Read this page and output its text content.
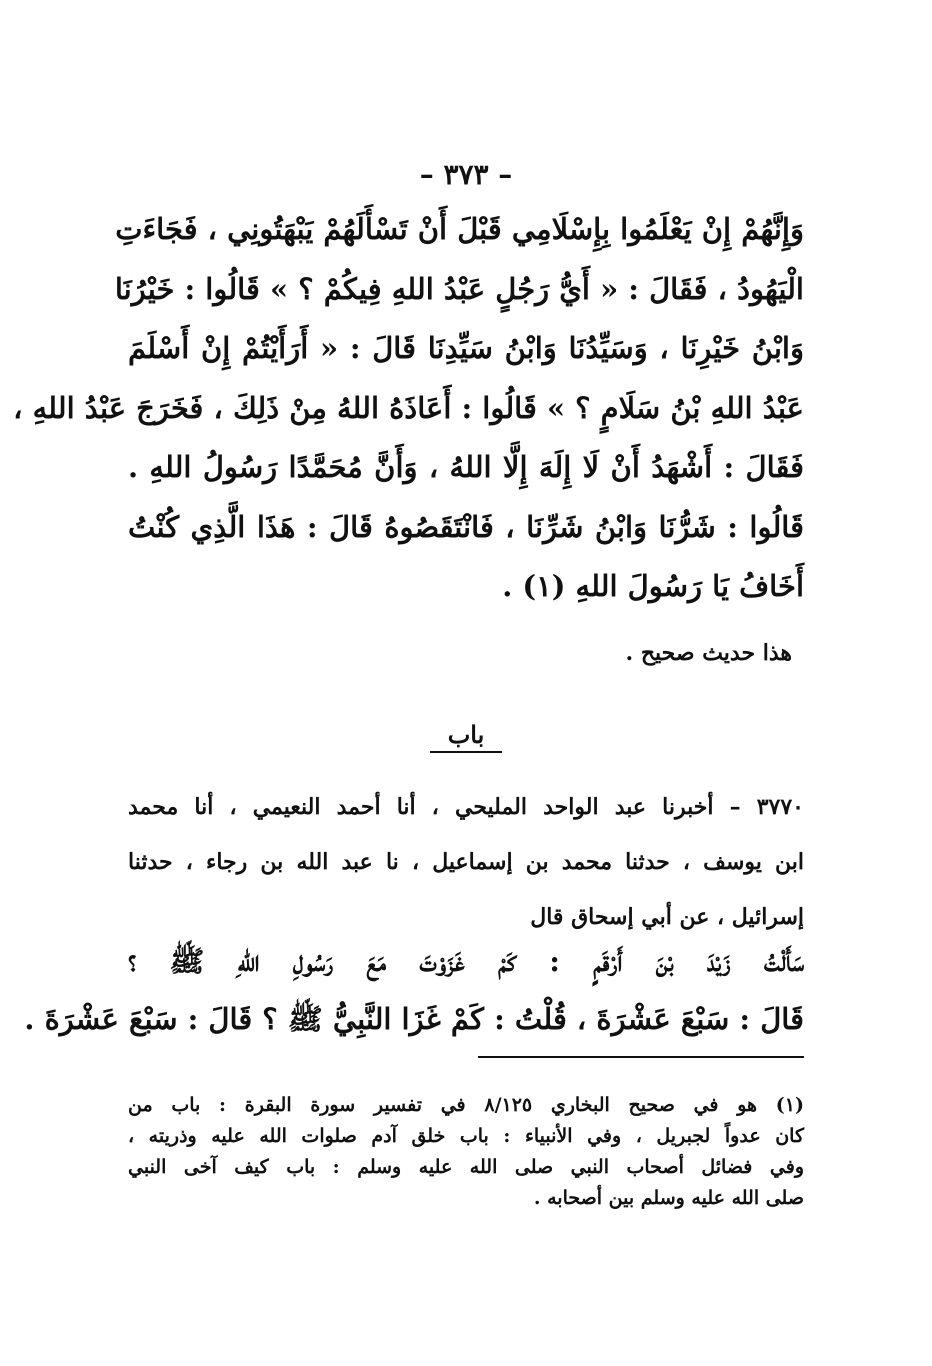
– ٣٧٣ –
وَإِنَّهُمْ إِنْ يَعْلَمُوا بِإِسْلَامِي قَبْلَ أَنْ تَسْأَلَهُمْ يَبْهَتُونِي ، فَجَاءَتِ
الْيَهُودُ ، فَقَالَ : « أَيُّ رَجُلٍ عَبْدُ اللهِ فِيكُمْ ؟ » قَالُوا : خَيْرُنَا
وَابْنُ خَيْرِنَا ، وَسَيِّدُنَا وَابْنُ سَيِّدِنَا قَالَ : « أَرَأَيْتُمْ إِنْ أَسْلَمَ
عَبْدُ اللهِ بْنُ سَلَامٍ ؟ » قَالُوا : أَعَاذَهُ اللهُ مِنْ ذَلِكَ ، فَخَرَجَ عَبْدُ اللهِ ،
فَقَالَ : أَشْهَدُ أَنْ لَا إِلَهَ إِلَّا اللهُ ، وَأَنَّ مُحَمَّدًا رَسُولُ اللهِ .
قَالُوا : شَرُّنَا وَابْنُ شَرِّنَا ، فَانْتَقَصُوهُ قَالَ : هَذَا الَّذِي كُنْتُ
أَخَافُ يَا رَسُولَ اللهِ (١) .
هذا حديث صحيح .
باب
٣٧٧٠ – أخبرنا عبد الواحد المليحي ، أنا أحمد النعيمي ، أنا محمد
ابن يوسف ، حدثنا محمد بن إسماعيل ، نا عبد الله بن رجاء ، حدثنا
إسرائيل ، عن أبي إسحاق قال
سَأَلْتُ زَيْدَ بْنَ أَرْقَمٍ : كَمْ غَزَوْتَ مَعَ رَسُولِ اللهِ ﷺ ؟
قَالَ : سَبْعَ عَشْرَةَ ، قُلْتُ : كَمْ غَزَا النَّبِيُّ ﷺ ؟ قَالَ : سَبْعَ عَشْرَةَ .
(١) هو في صحيح البخاري ٨/١٢٥ في تفسير سورة البقرة : باب من
كان عدواً لجبريل ، وفي الأنبياء : باب خلق آدم صلوات الله عليه وذريته ،
وفي فضائل أصحاب النبي صلى الله عليه وسلم : باب كيف آخى النبي
صلى الله عليه وسلم بين أصحابه .
